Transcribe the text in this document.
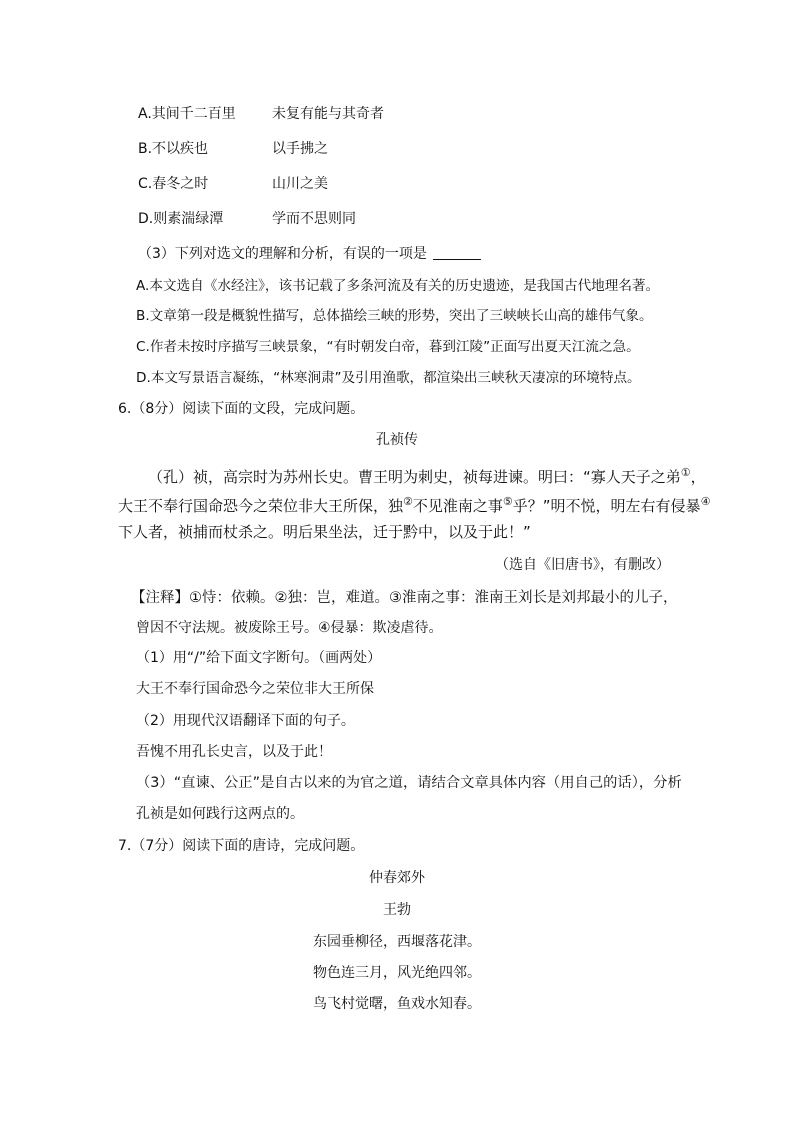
A.其间千二百里	未复有能与其奇者
B.不以疾也	以手拂之
C.春冬之时	山川之美
D.则素湍绿潭	学而不思则同
（3）下列对选文的理解和分析，有误的一项是
A.本文选自《水经注》，该书记载了多条河流及有关的历史遗迹，是我国古代地理名著。
B.文章第一段是概貌性描写，总体描绘三峡的形势，突出了三峡峡长山高的雄伟气象。
C.作者未按时序描写三峡景象，“有时朝发白帝，暮到江陵”正面写出夏天江流之急。
D.本文写景语言凝练，“林寒涧肃”及引用渔歌，都渲染出三峡秋天凄凉的环境特点。
6.（8分）阅读下面的文段，完成问题。
孔祯传
（孔）祯，高宗时为苏州长史。曹王明为刺史，祯每进谏。明曰：“寡人天子之弟①，
大王不奉行国命恐今之荣位非大王所保，独②不见淮南之事⑤乎？”明不悦，明左右有侵暴④
下人者，祯捕而杖杀之。明后果坐法，迁于黔中，以及于此！”
（选自《旧唐书》，有删改）
【注释】①恃：依赖。②独：岂，难道。③淮南之事：淮南王刘长是刘邦最小的儿子，
曾因不守法规。被废除王号。④侵暴：欺凌虐待。
（1）用“/”给下面文字断句。（画两处）
大王不奉行国命恐今之荣位非大王所保
（2）用现代汉语翻译下面的句子。
吾愧不用孔长史言，以及于此！
（3）“直谏、公正”是自古以来的为官之道，请结合文章具体内容（用自己的话），分析
孔祯是如何践行这两点的。
7.（7分）阅读下面的唐诗，完成问题。
仲春郊外
王勃
东园垂柳径，西堰落花津。
物色连三月，风光绝四邻。
鸟飞村觉曙，鱼戏水知春。
